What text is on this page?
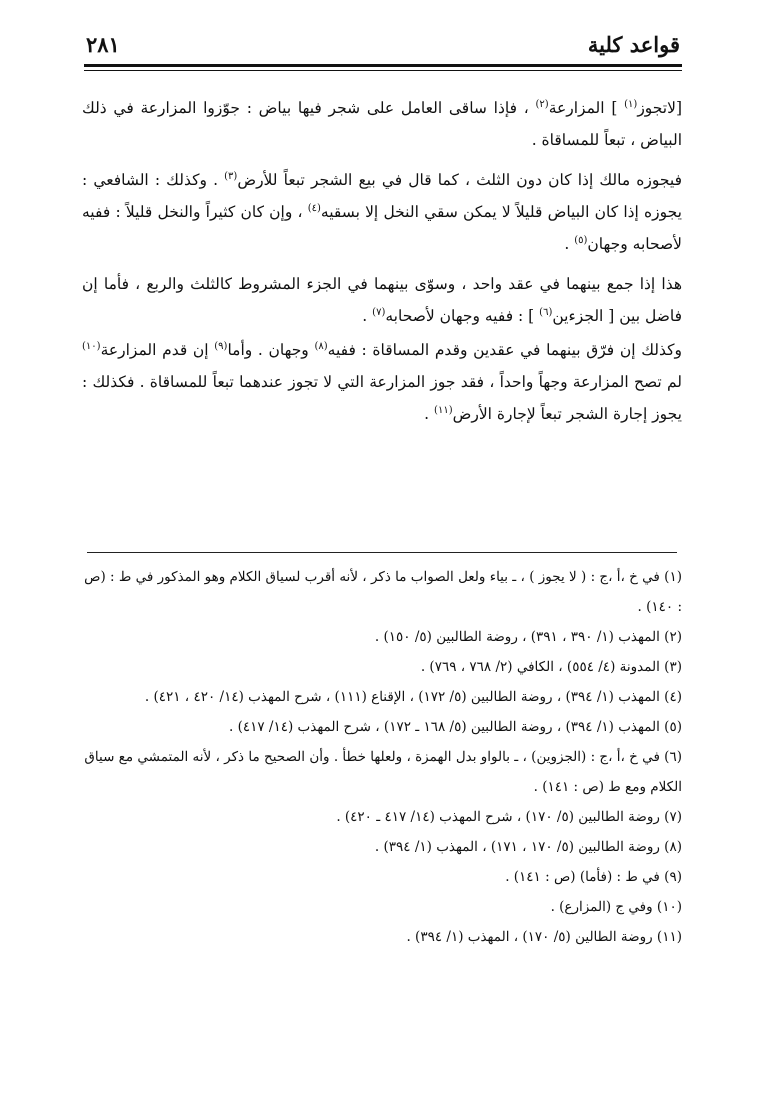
قواعد كلية
٢٨١

[لاتجوز$^{(١)}$ ] المزارعة$^{(٢)}$ ، فإذا ساقى العامل على شجر فيها بياض : جوّزوا المزارعة في ذلك البياض ، تبعاً للمساقاة .

فيجوزه مالك إذا كان دون الثلث ، كما قال في بيع الشجر تبعاً للأرض$^{(٣)}$ . وكذلك : الشافعي : يجوزه إذا كان البياض قليلاً لا يمكن سقي النخل إلا بسقيه$^{(٤)}$ ، وإن كان كثيراً والنخل قليلاً : ففيه لأصحابه وجهان$^{(٥)}$ .

هذا إذا جمع بينهما في عقد واحد ، وسوّى بينهما في الجزء المشروط كالثلث والربع ، فأما إن فاضل بين [ الجزءين$^{(٦)}$ ] : ففيه وجهان لأصحابه$^{(٧)}$ .

وكذلك إن فرّق بينهما في عقدين وقدم المساقاة : ففيه$^{(٨)}$ وجهان . وأما$^{(٩)}$ إن قدم المزارعة$^{(١٠)}$ لم تصح المزارعة وجهاً واحداً ، فقد جوز المزارعة التي لا تجوز عندهما تبعاً للمساقاة . فكذلك : يجوز إجارة الشجر تبعاً لإجارة الأرض$^{(١١)}$ .

(١) في خ ،أ ،ج : ( لا يجوز ) ، ـ بياء ولعل الصواب ما ذكر ، لأنه أقرب لسياق الكلام وهو المذكور في ط : (ص : ١٤٠) .

(٢) المهذب (١/ ٣٩٠ ، ٣٩١) ، روضة الطالبين (٥/ ١٥٠) .

(٣) المدونة (٤/ ٥٥٤) ، الكافي (٢/ ٧٦٨ ، ٧٦٩) .

(٤) المهذب (١/ ٣٩٤) ، روضة الطالبين (٥/ ١٧٢) ، الإقناع (١١١) ، شرح المهذب (١٤/ ٤٢٠ ، ٤٢١) .

(٥) المهذب (١/ ٣٩٤) ، روضة الطالبين (٥/ ١٦٨ ـ ١٧٢) ، شرح المهذب (١٤/ ٤١٧) .

(٦) في خ ،أ ،ج : (الجزوين) ، ـ بالواو بدل الهمزة ، ولعلها خطأ . وأن الصحيح ما ذكر ، لأنه المتمشي مع سياق الكلام ومع ط (ص : ١٤١) .

(٧) روضة الطالبين (٥/ ١٧٠) ، شرح المهذب (١٤/ ٤١٧ ـ ٤٢٠) .

(٨) روضة الطالبين (٥/ ١٧٠ ، ١٧١) ، المهذب (١/ ٣٩٤) .

(٩) في ط : (فأما) (ص : ١٤١) .

(١٠) وفي ج (المزارع) .

(١١) روضة الطالين (٥/ ١٧٠) ، المهذب (١/ ٣٩٤) .
